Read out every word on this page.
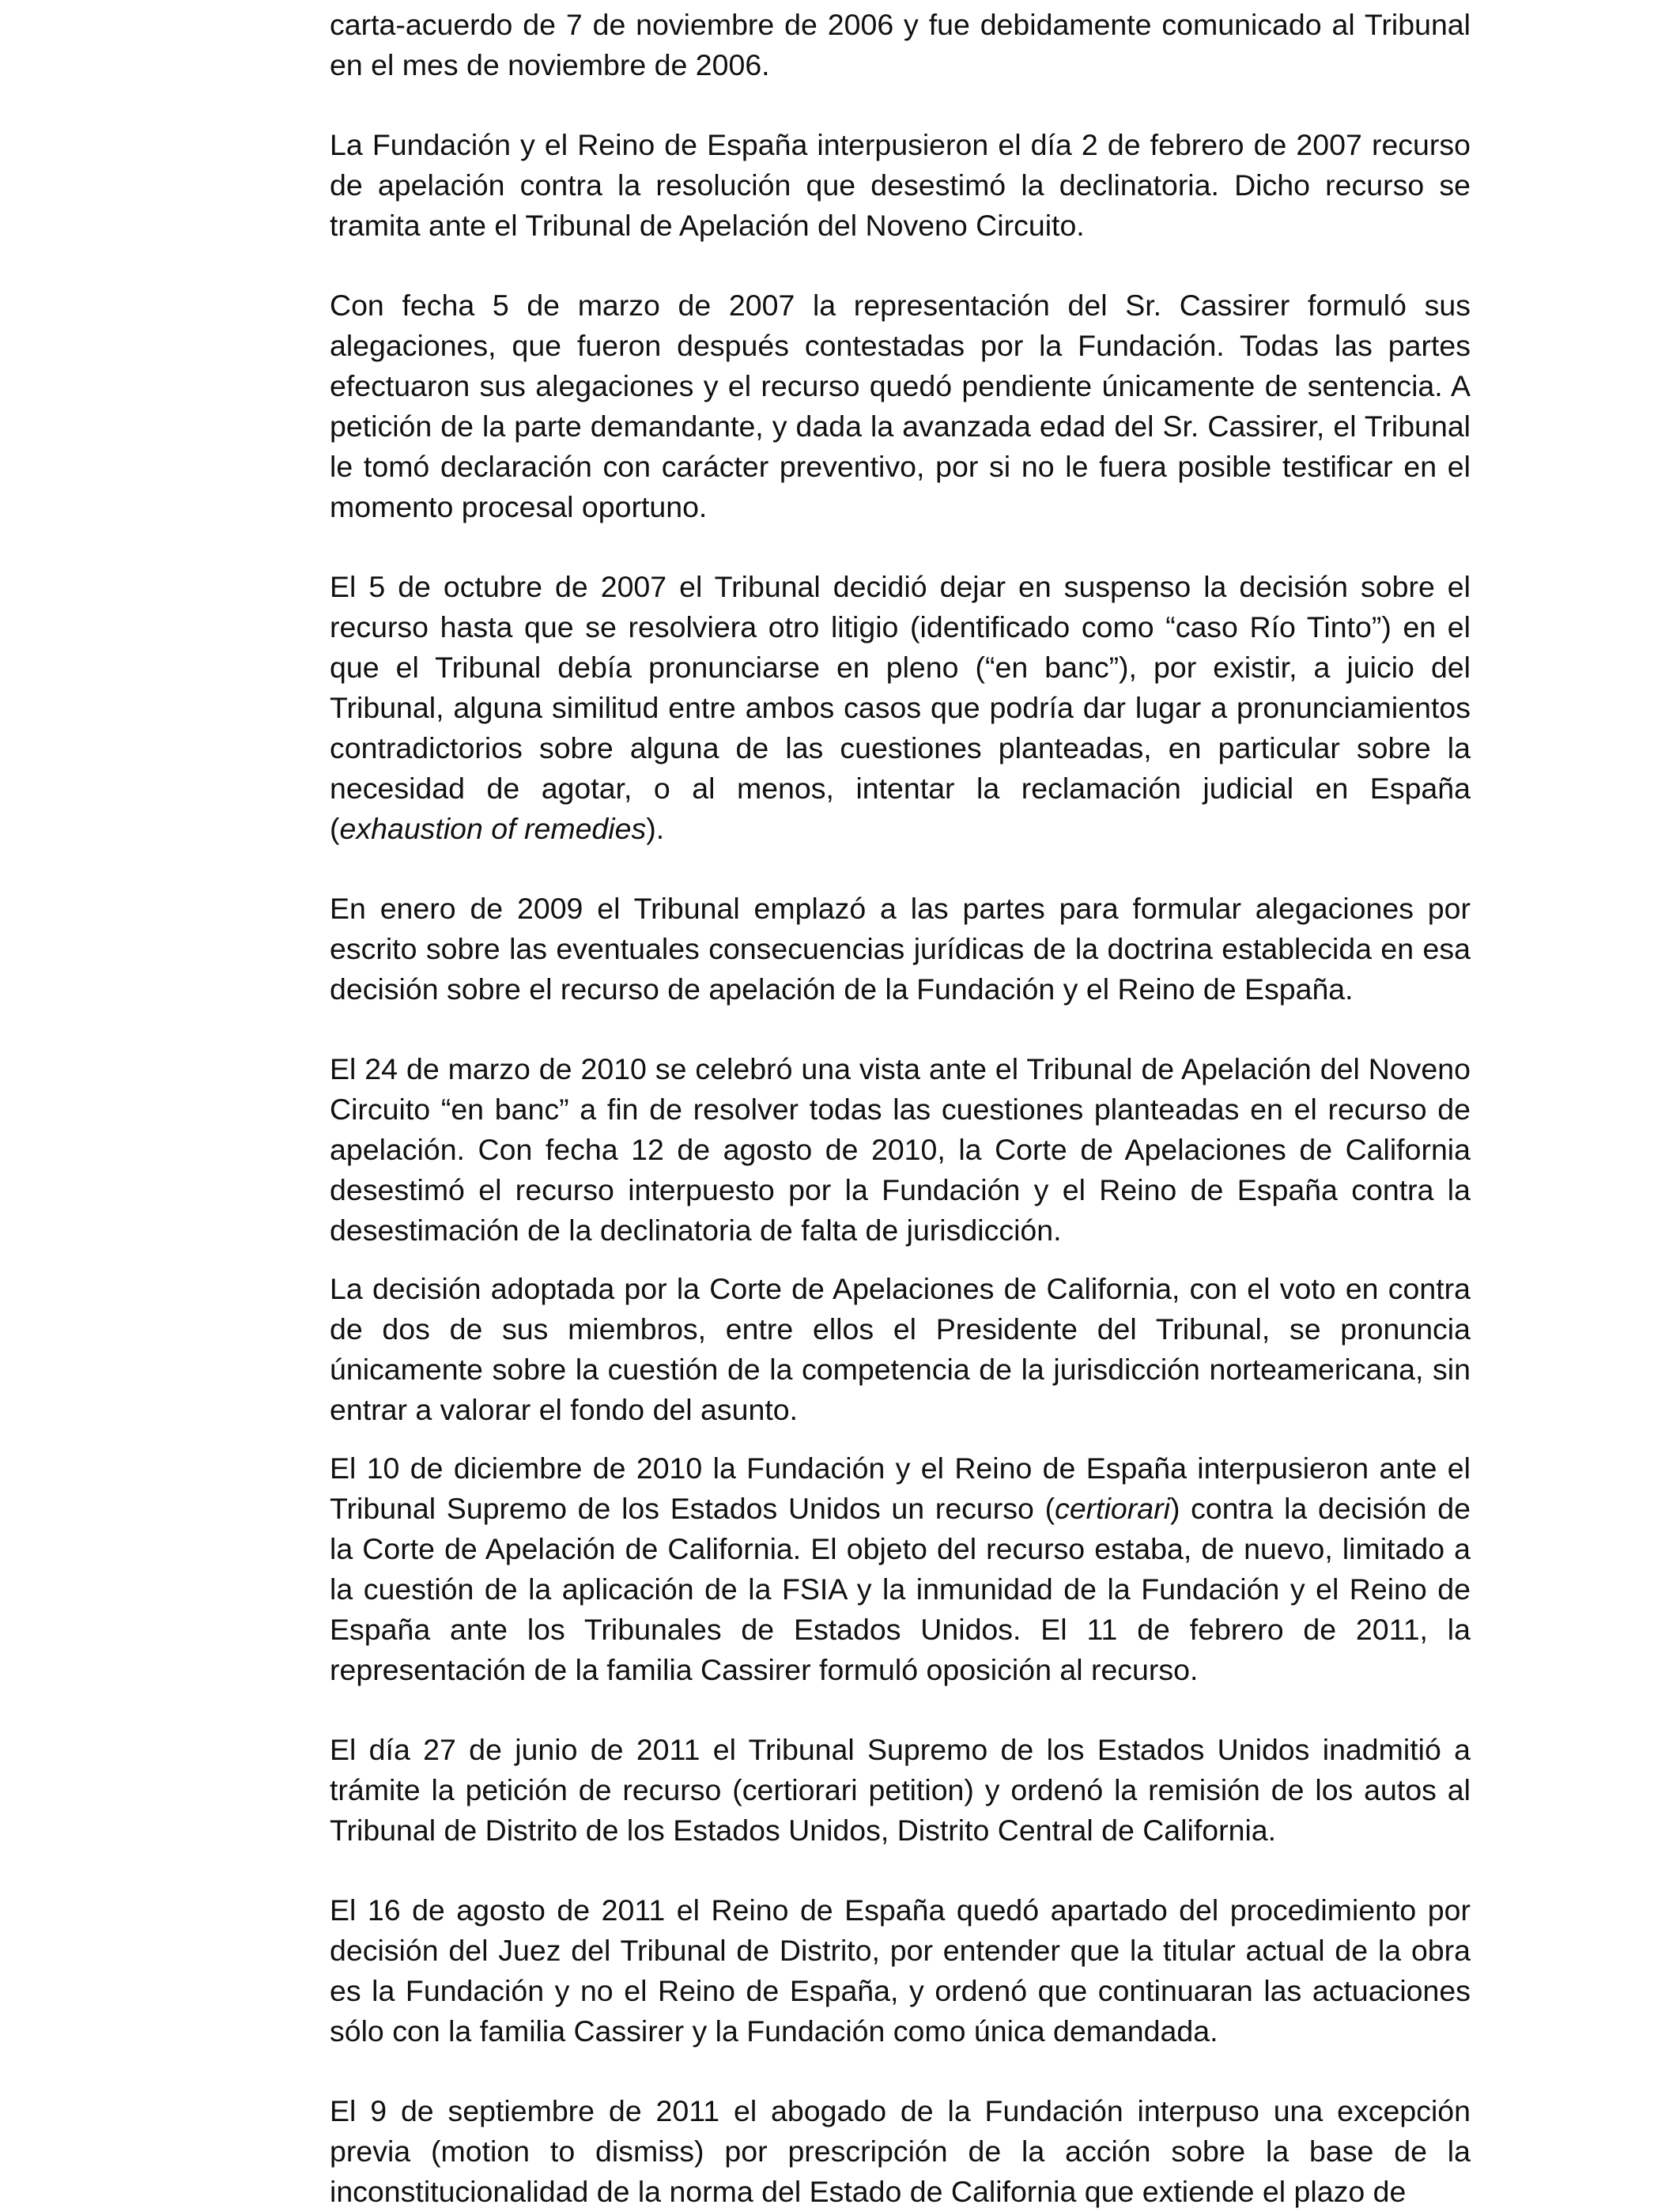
carta-acuerdo de 7 de noviembre de 2006 y fue debidamente comunicado al Tribunal en el mes de noviembre de 2006.

La Fundación y el Reino de España interpusieron el día 2 de febrero de 2007 recurso de apelación contra la resolución que desestimó la declinatoria. Dicho recurso se tramita ante el Tribunal de Apelación del Noveno Circuito.

Con fecha 5 de marzo de 2007 la representación del Sr. Cassirer formuló sus alegaciones, que fueron después contestadas por la Fundación. Todas las partes efectuaron sus alegaciones y el recurso quedó pendiente únicamente de sentencia. A petición de la parte demandante, y dada la avanzada edad del Sr. Cassirer, el Tribunal le tomó declaración con carácter preventivo, por si no le fuera posible testificar en el momento procesal oportuno.

El 5 de octubre de 2007 el Tribunal decidió dejar en suspenso la decisión sobre el recurso hasta que se resolviera otro litigio (identificado como “caso Río Tinto”) en el que el Tribunal debía pronunciarse en pleno (“en banc”), por existir, a juicio del Tribunal, alguna similitud entre ambos casos que podría dar lugar a pronunciamientos contradictorios sobre alguna de las cuestiones planteadas, en particular sobre la necesidad de agotar, o al menos, intentar la reclamación judicial en España (exhaustion of remedies).

En enero de 2009 el Tribunal emplazó a las partes para formular alegaciones por escrito sobre las eventuales consecuencias jurídicas de la doctrina establecida en esa decisión sobre el recurso de apelación de la Fundación y el Reino de España.

El 24 de marzo de 2010 se celebró una vista ante el Tribunal de Apelación del Noveno Circuito “en banc” a fin de resolver todas las cuestiones planteadas en el recurso de apelación. Con fecha 12 de agosto de 2010, la Corte de Apelaciones de California desestimó el recurso interpuesto por la Fundación y el Reino de España contra la desestimación de la declinatoria de falta de jurisdicción.

La decisión adoptada por la Corte de Apelaciones de California, con el voto en contra de dos de sus miembros, entre ellos el Presidente del Tribunal, se pronuncia únicamente sobre la cuestión de la competencia de la jurisdicción norteamericana, sin entrar a valorar el fondo del asunto.

El 10 de diciembre de 2010 la Fundación y el Reino de España interpusieron ante el Tribunal Supremo de los Estados Unidos un recurso (certiorari) contra la decisión de la Corte de Apelación de California. El objeto del recurso estaba, de nuevo, limitado a la cuestión de la aplicación de la FSIA y la inmunidad de la Fundación y el Reino de España ante los Tribunales de Estados Unidos. El 11 de febrero de 2011, la representación de la familia Cassirer formuló oposición al recurso.

El día 27 de junio de 2011 el Tribunal Supremo de los Estados Unidos inadmitió a trámite la petición de recurso (certiorari petition) y ordenó la remisión de los autos al Tribunal de Distrito de los Estados Unidos, Distrito Central de California.

El 16 de agosto de 2011 el Reino de España quedó apartado del procedimiento por decisión del Juez del Tribunal de Distrito, por entender que la titular actual de la obra es la Fundación y no el Reino de España, y ordenó que continuaran las actuaciones sólo con la familia Cassirer y la Fundación como única demandada.

El 9 de septiembre de 2011 el abogado de la Fundación interpuso una excepción previa (motion to dismiss) por prescripción de la acción sobre la base de la inconstitucionalidad de la norma del Estado de California que extiende el plazo de
